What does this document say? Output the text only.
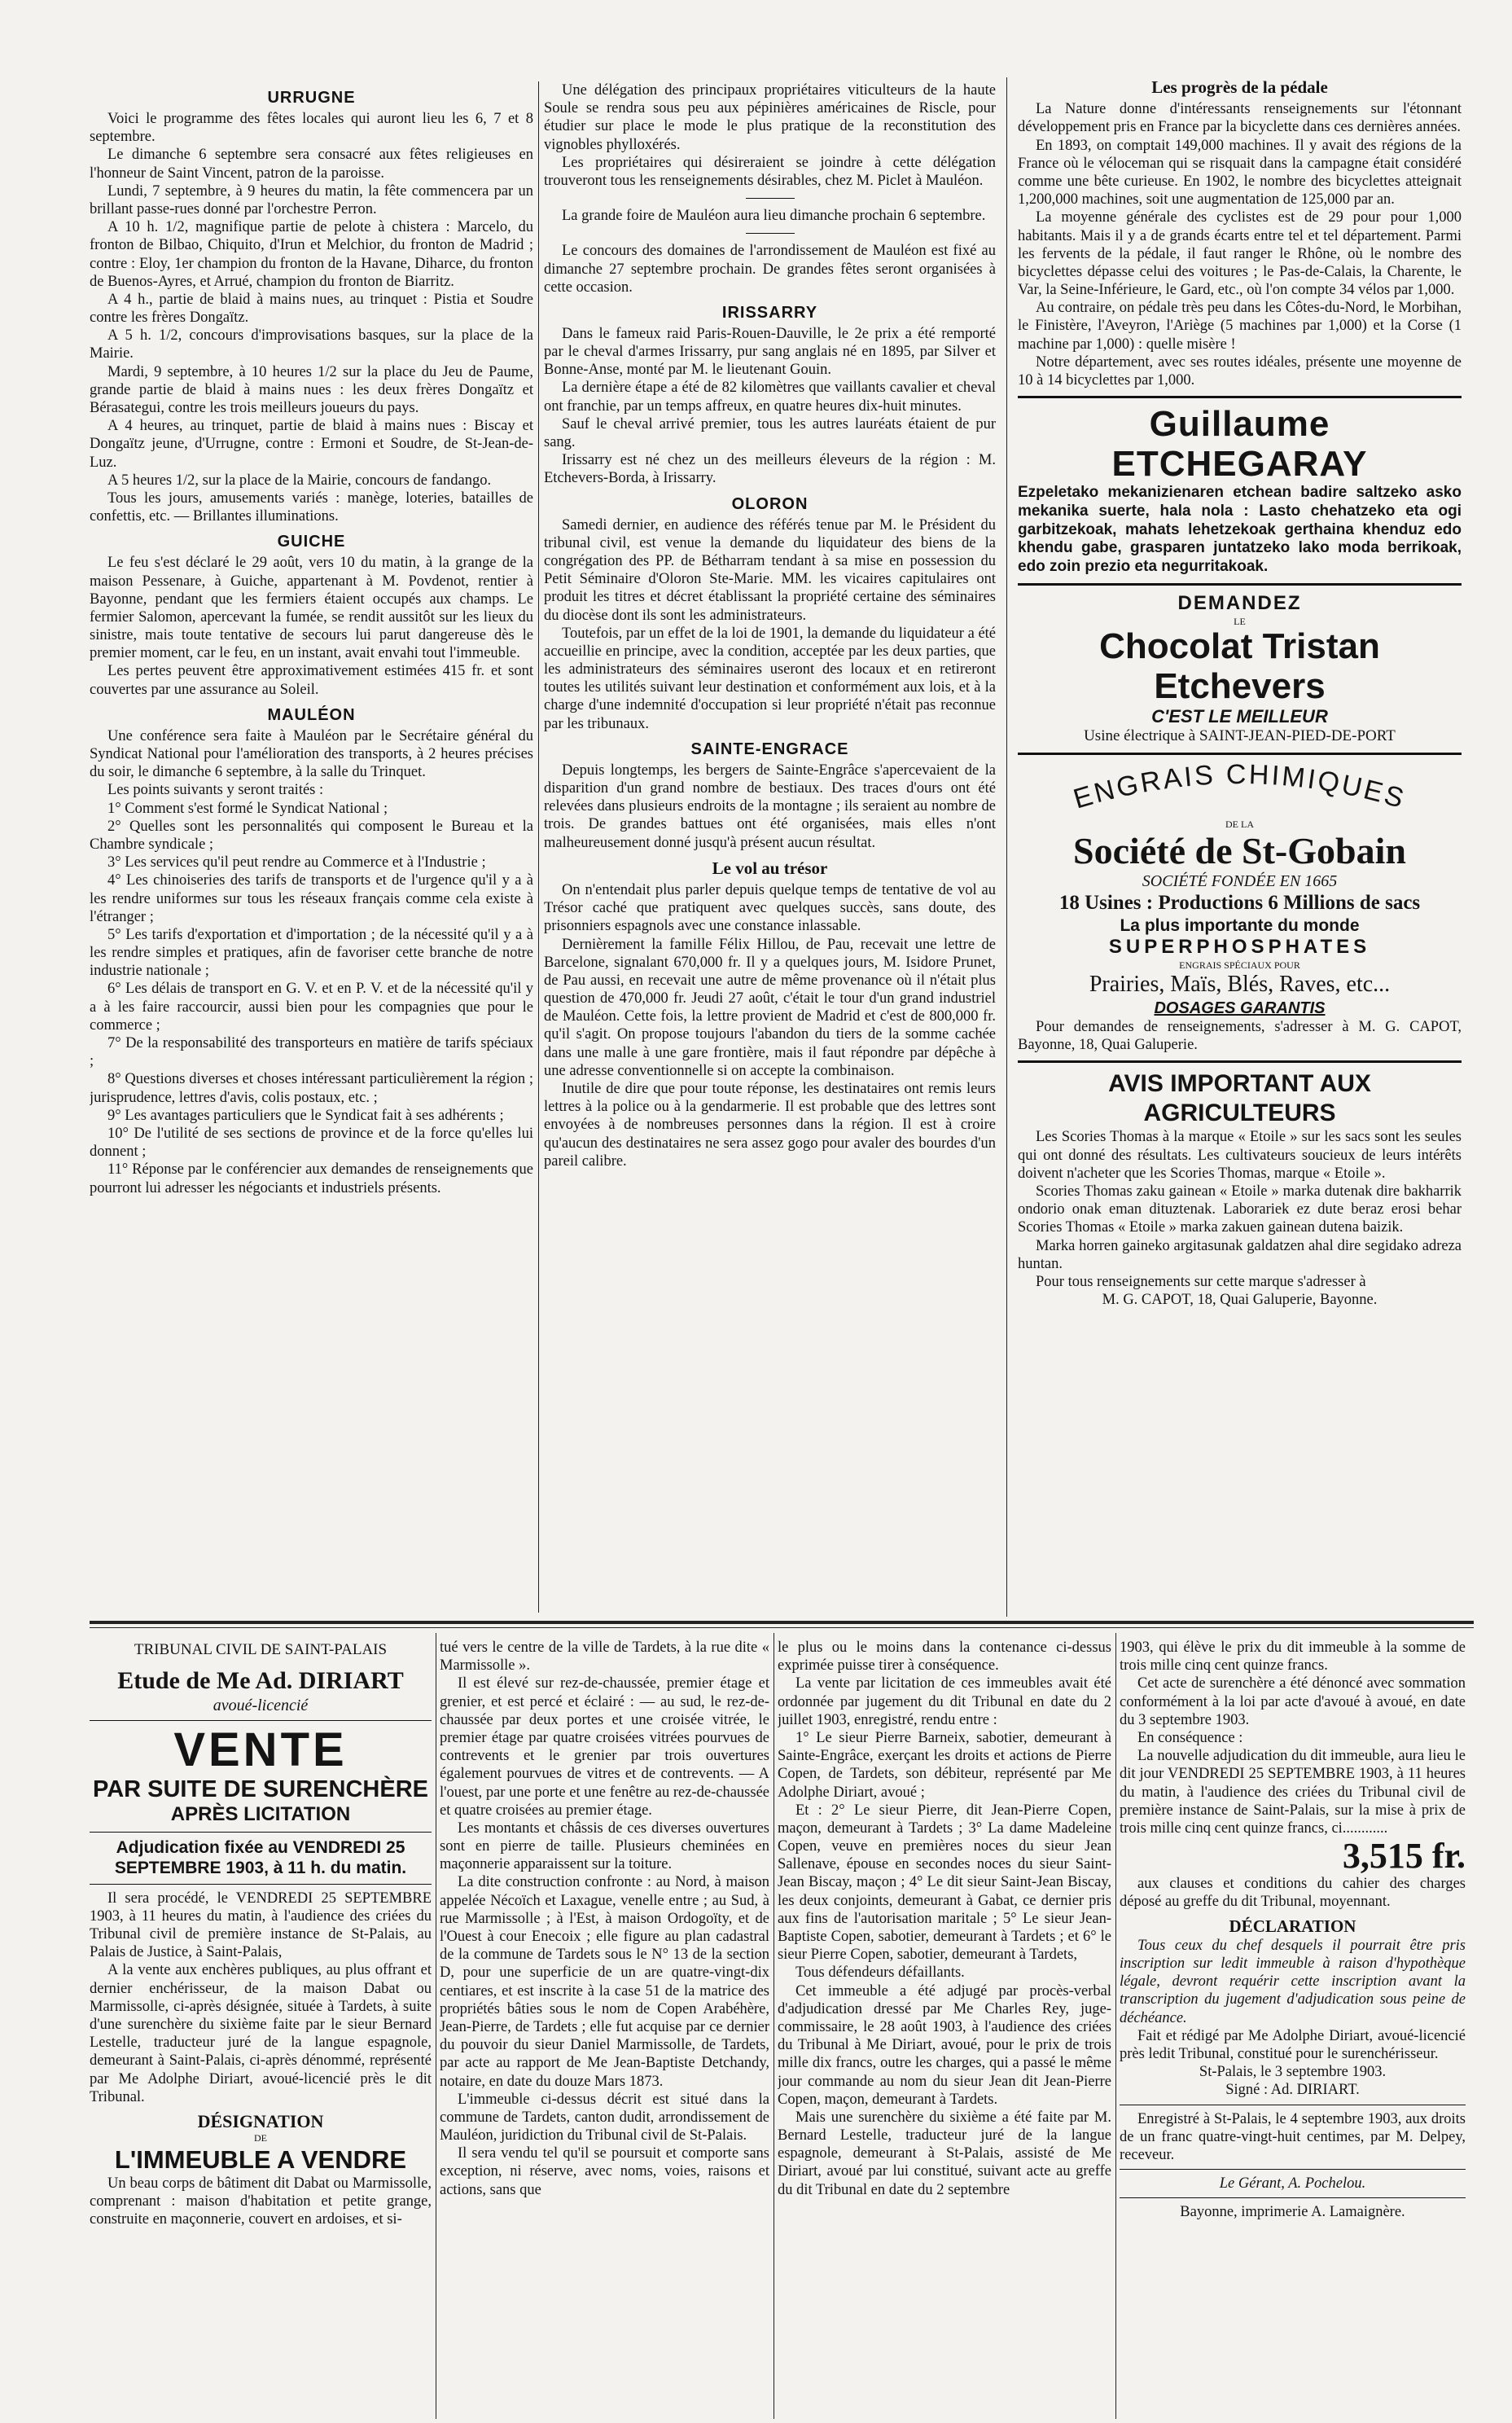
URRUGNE

Voici le programme des fêtes locales qui auront lieu les 6, 7 et 8 septembre.

Le dimanche 6 septembre sera consacré aux fêtes religieuses en l'honneur de Saint Vincent, patron de la paroisse.

Lundi, 7 septembre, à 9 heures du matin, la fête commencera par un brillant passe-rues donné par l'orchestre Perron.

A 10 h. 1/2, magnifique partie de pelote à chistera : Marcelo, du fronton de Bilbao, Chiquito, d'Irun et Melchior, du fronton de Madrid ; contre : Eloy, 1er champion du fronton de la Havane, Diharce, du fronton de Buenos-Ayres, et Arrué, champion du fronton de Biarritz.

A 4 h., partie de blaid à mains nues, au trinquet : Pistia et Soudre contre les frères Dongaïtz.

A 5 h. 1/2, concours d'improvisations basques, sur la place de la Mairie.

Mardi, 9 septembre, à 10 heures 1/2 sur la place du Jeu de Paume, grande partie de blaid à mains nues : les deux frères Dongaïtz et Bérasategui, contre les trois meilleurs joueurs du pays.

A 4 heures, au trinquet, partie de blaid à mains nues : Biscay et Dongaïtz jeune, d'Urrugne, contre : Ermoni et Soudre, de St-Jean-de-Luz.

A 5 heures 1/2, sur la place de la Mairie, concours de fandango.

Tous les jours, amusements variés : manège, loteries, batailles de confettis, etc. — Brillantes illuminations.

GUICHE

Le feu s'est déclaré le 29 août, vers 10 du matin, à la grange de la maison Pessenare, à Guiche, appartenant à M. Povdenot, rentier à Bayonne, pendant que les fermiers étaient occupés aux champs. Le fermier Salomon, apercevant la fumée, se rendit aussitôt sur les lieux du sinistre, mais toute tentative de secours lui parut dangereuse dès le premier moment, car le feu, en un instant, avait envahi tout l'immeuble.

Les pertes peuvent être approximativement estimées 415 fr. et sont couvertes par une assurance au Soleil.

MAULÉON

Une conférence sera faite à Mauléon par le Secrétaire général du Syndicat National pour l'amélioration des transports, à 2 heures précises du soir, le dimanche 6 septembre, à la salle du Trinquet.

Les points suivants y seront traités :

1° Comment s'est formé le Syndicat National ;

2° Quelles sont les personnalités qui composent le Bureau et la Chambre syndicale ;

3° Les services qu'il peut rendre au Commerce et à l'Industrie ;

4° Les chinoiseries des tarifs de transports et de l'urgence qu'il y a à les rendre uniformes sur tous les réseaux français comme cela existe à l'étranger ;

5° Les tarifs d'exportation et d'importation ; de la nécessité qu'il y a à les rendre simples et pratiques, afin de favoriser cette branche de notre industrie nationale ;

6° Les délais de transport en G. V. et en P. V. et de la nécessité qu'il y a à les faire raccourcir, aussi bien pour les compagnies que pour le commerce ;

7° De la responsabilité des transporteurs en matière de tarifs spéciaux ;

8° Questions diverses et choses intéressant particulièrement la région ; jurisprudence, lettres d'avis, colis postaux, etc. ;

9° Les avantages particuliers que le Syndicat fait à ses adhérents ;

10° De l'utilité de ses sections de province et de la force qu'elles lui donnent ;

11° Réponse par le conférencier aux demandes de renseignements que pourront lui adresser les négociants et industriels présents.

Une délégation des principaux propriétaires viticulteurs de la haute Soule se rendra sous peu aux pépinières américaines de Riscle, pour étudier sur place le mode le plus pratique de la reconstitution des vignobles phylloxérés.

Les propriétaires qui désireraient se joindre à cette délégation trouveront tous les renseignements désirables, chez M. Piclet à Mauléon.

La grande foire de Mauléon aura lieu dimanche prochain 6 septembre.

Le concours des domaines de l'arrondissement de Mauléon est fixé au dimanche 27 septembre prochain. De grandes fêtes seront organisées à cette occasion.

IRISSARRY

Dans le fameux raid Paris-Rouen-Dauville, le 2e prix a été remporté par le cheval d'armes Irissarry, pur sang anglais né en 1895, par Silver et Bonne-Anse, monté par M. le lieutenant Gouin.

La dernière étape a été de 82 kilomètres que vaillants cavalier et cheval ont franchie, par un temps affreux, en quatre heures dix-huit minutes.

Sauf le cheval arrivé premier, tous les autres lauréats étaient de pur sang.

Irissarry est né chez un des meilleurs éleveurs de la région : M. Etchevers-Borda, à Irissarry.

OLORON

Samedi dernier, en audience des référés tenue par M. le Président du tribunal civil, est venue la demande du liquidateur des biens de la congrégation des PP. de Bétharram tendant à sa mise en possession du Petit Séminaire d'Oloron Ste-Marie. MM. les vicaires capitulaires ont produit les titres et décret établissant la propriété certaine des séminaires du diocèse dont ils sont les administrateurs.

Toutefois, par un effet de la loi de 1901, la demande du liquidateur a été accueillie en principe, avec la condition, acceptée par les deux parties, que les administrateurs des séminaires useront des locaux et en retireront toutes les utilités suivant leur destination et conformément aux lois, et à la charge d'une indemnité d'occupation si leur propriété n'était pas reconnue par les tribunaux.

SAINTE-ENGRACE

Depuis longtemps, les bergers de Sainte-Engrâce s'apercevaient de la disparition d'un grand nombre de bestiaux. Des traces d'ours ont été relevées dans plusieurs endroits de la montagne ; ils seraient au nombre de trois. De grandes battues ont été organisées, mais elles n'ont malheureusement donné jusqu'à présent aucun résultat.

Le vol au trésor

On n'entendait plus parler depuis quelque temps de tentative de vol au Trésor caché que pratiquent avec quelques succès, sans doute, des prisonniers espagnols avec une constance inlassable.

Dernièrement la famille Félix Hillou, de Pau, recevait une lettre de Barcelone, signalant 670,000 fr. Il y a quelques jours, M. Isidore Prunet, de Pau aussi, en recevait une autre de même provenance où il n'était plus question de 470,000 fr. Jeudi 27 août, c'était le tour d'un grand industriel de Mauléon. Cette fois, la lettre provient de Madrid et c'est de 800,000 fr. qu'il s'agit. On propose toujours l'abandon du tiers de la somme cachée dans une malle à une gare frontière, mais il faut répondre par dépêche à une adresse conventionnelle si on accepte la combinaison.

Inutile de dire que pour toute réponse, les destinataires ont remis leurs lettres à la police ou à la gendarmerie. Il est probable que des lettres sont envoyées à de nombreuses personnes dans la région. Il est à croire qu'aucun des destinataires ne sera assez gogo pour avaler des bourdes d'un pareil calibre.

Les progrès de la pédale

La Nature donne d'intéressants renseignements sur l'étonnant développement pris en France par la bicyclette dans ces dernières années.

En 1893, on comptait 149,000 machines. Il y avait des régions de la France où le véloceman qui se risquait dans la campagne était considéré comme une bête curieuse. En 1902, le nombre des bicyclettes atteignait 1,200,000 machines, soit une augmentation de 125,000 par an.

La moyenne générale des cyclistes est de 29 pour pour 1,000 habitants. Mais il y a de grands écarts entre tel et tel département. Parmi les fervents de la pédale, il faut ranger le Rhône, où le nombre des bicyclettes dépasse celui des voitures ; le Pas-de-Calais, la Charente, le Var, la Seine-Inférieure, le Gard, etc., où l'on compte 34 vélos par 1,000.

Au contraire, on pédale très peu dans les Côtes-du-Nord, le Morbihan, le Finistère, l'Aveyron, l'Ariège (5 machines par 1,000) et la Corse (1 machine par 1,000) : quelle misère !

Notre département, avec ses routes idéales, présente une moyenne de 10 à 14 bicyclettes par 1,000.

Guillaume ETCHEGARAY

Ezpeletako mekanizienaren etchean badire saltzeko asko mekanika suerte, hala nola : Lasto chehatzeko eta ogi garbitzekoak, mahats lehetzekoak gerthaina khenduz edo khendu gabe, grasparen juntatzeko lako moda berrikoak, edo zoin prezio eta negurritakoak.

DEMANDEZ
LE
Chocolat Tristan Etchevers
C'EST LE MEILLEUR
Usine électrique à SAINT-JEAN-PIED-DE-PORT
ENGRAIS CHIMIQUES
DE LA
Société de St-Gobain
SOCIÉTÉ FONDÉE EN 1665
18 Usines : Productions 6 Millions de sacs
La plus importante du monde
SUPERPHOSPHATES
ENGRAIS SPÉCIAUX POUR
Prairies, Maïs, Blés, Raves, etc...
DOSAGES GARANTIS

Pour demandes de renseignements, s'adresser à M. G. CAPOT, Bayonne, 18, Quai Galuperie.

AVIS IMPORTANT AUX AGRICULTEURS

Les Scories Thomas à la marque « Etoile » sur les sacs sont les seules qui ont donné des résultats. Les cultivateurs soucieux de leurs intérêts doivent n'acheter que les Scories Thomas, marque « Etoile ».

Scories Thomas zaku gainean « Etoile » marka dutenak dire bakharrik ondorio onak eman dituztenak. Laborariek ez dute beraz erosi behar Scories Thomas « Etoile » marka zakuen gainean dutena baizik.

Marka horren gaineko argitasunak galdatzen ahal dire segidako adreza huntan.

Pour tous renseignements sur cette marque s'adresser à

M. G. CAPOT, 18, Quai Galuperie, Bayonne.
TRIBUNAL CIVIL DE SAINT-PALAIS
Etude de Me Ad. DIRIART
avoué-licencié
VENTE
PAR SUITE DE SURENCHÈRE
APRÈS LICITATION
Adjudication fixée au VENDREDI 25 SEPTEMBRE 1903, à 11 h. du matin.

Il sera procédé, le VENDREDI 25 SEPTEMBRE 1903, à 11 heures du matin, à l'audience des criées du Tribunal civil de première instance de St-Palais, au Palais de Justice, à Saint-Palais,

A la vente aux enchères publiques, au plus offrant et dernier enchérisseur, de la maison Dabat ou Marmissolle, ci-après désignée, située à Tardets, à suite d'une surenchère du sixième faite par le sieur Bernard Lestelle, traducteur juré de la langue espagnole, demeurant à Saint-Palais, ci-après dénommé, représenté par Me Adolphe Diriart, avoué-licencié près le dit Tribunal.

DÉSIGNATION
DE
L'IMMEUBLE A VENDRE

Un beau corps de bâtiment dit Dabat ou Marmissolle, comprenant : maison d'habitation et petite grange, construite en maçonnerie, couvert en ardoises, et si-

tué vers le centre de la ville de Tardets, à la rue dite « Marmissolle ».

Il est élevé sur rez-de-chaussée, premier étage et grenier, et est percé et éclairé : — au sud, le rez-de-chaussée par deux portes et une croisée vitrée, le premier étage par quatre croisées vitrées pourvues de contrevents et le grenier par trois ouvertures également pourvues de vitres et de contrevents. — A l'ouest, par une porte et une fenêtre au rez-de-chaussée et quatre croisées au premier étage.

Les montants et châssis de ces diverses ouvertures sont en pierre de taille. Plusieurs cheminées en maçonnerie apparaissent sur la toiture.

La dite construction confronte : au Nord, à maison appelée Nécoïch et Laxague, venelle entre ; au Sud, à rue Marmissolle ; à l'Est, à maison Ordogoïty, et de l'Ouest à cour Enecoix ; elle figure au plan cadastral de la commune de Tardets sous le N° 13 de la section D, pour une superficie de un are quatre-vingt-dix centiares, et est inscrite à la case 51 de la matrice des propriétés bâties sous le nom de Copen Arabéhère, Jean-Pierre, de Tardets ; elle fut acquise par ce dernier du pouvoir du sieur Daniel Marmissolle, de Tardets, par acte au rapport de Me Jean-Baptiste Detchandy, notaire, en date du douze Mars 1873.

L'immeuble ci-dessus décrit est situé dans la commune de Tardets, canton dudit, arrondissement de Mauléon, juridiction du Tribunal civil de St-Palais.

Il sera vendu tel qu'il se poursuit et comporte sans exception, ni réserve, avec noms, voies, raisons et actions, sans que

le plus ou le moins dans la contenance ci-dessus exprimée puisse tirer à conséquence.

La vente par licitation de ces immeubles avait été ordonnée par jugement du dit Tribunal en date du 2 juillet 1903, enregistré, rendu entre :

1° Le sieur Pierre Barneix, sabotier, demeurant à Sainte-Engrâce, exerçant les droits et actions de Pierre Copen, de Tardets, son débiteur, représenté par Me Adolphe Diriart, avoué ;

Et : 2° Le sieur Pierre, dit Jean-Pierre Copen, maçon, demeurant à Tardets ; 3° La dame Madeleine Copen, veuve en premières noces du sieur Jean Sallenave, épouse en secondes noces du sieur Saint-Jean Biscay, maçon ; 4° Le dit sieur Saint-Jean Biscay, les deux conjoints, demeurant à Gabat, ce dernier pris aux fins de l'autorisation maritale ; 5° Le sieur Jean-Baptiste Copen, sabotier, demeurant à Tardets ; et 6° le sieur Pierre Copen, sabotier, demeurant à Tardets,

Tous défendeurs défaillants.

Cet immeuble a été adjugé par procès-verbal d'adjudication dressé par Me Charles Rey, juge-commissaire, le 28 août 1903, à l'audience des criées du Tribunal à Me Diriart, avoué, pour le prix de trois mille dix francs, outre les charges, qui a passé le même jour commande au nom du sieur Jean dit Jean-Pierre Copen, maçon, demeurant à Tardets.

Mais une surenchère du sixième a été faite par M. Bernard Lestelle, traducteur juré de la langue espagnole, demeurant à St-Palais, assisté de Me Diriart, avoué par lui constitué, suivant acte au greffe du dit Tribunal en date du 2 septembre

1903, qui élève le prix du dit immeuble à la somme de trois mille cinq cent quinze francs.

Cet acte de surenchère a été dénoncé avec sommation conformément à la loi par acte d'avoué à avoué, en date du 3 septembre 1903.

En conséquence :

La nouvelle adjudication du dit immeuble, aura lieu le dit jour VENDREDI 25 SEPTEMBRE 1903, à 11 heures du matin, à l'audience des criées du Tribunal civil de première instance de Saint-Palais, sur la mise à prix de trois mille cinq cent quinze francs, ci............

3,515 fr.

aux clauses et conditions du cahier des charges déposé au greffe du dit Tribunal, moyennant.

DÉCLARATION

Tous ceux du chef desquels il pourrait être pris inscription sur ledit immeuble à raison d'hypothèque légale, devront requérir cette inscription avant la transcription du jugement d'adjudication sous peine de déchéance.

Fait et rédigé par Me Adolphe Diriart, avoué-licencié près ledit Tribunal, constitué pour le surenchérisseur.

St-Palais, le 3 septembre 1903.
Signé : Ad. DIRIART.

Enregistré à St-Palais, le 4 septembre 1903, aux droits de un franc quatre-vingt-huit centimes, par M. Delpey, receveur.

Le Gérant, A. Pochelou.
Bayonne, imprimerie A. Lamaignère.
